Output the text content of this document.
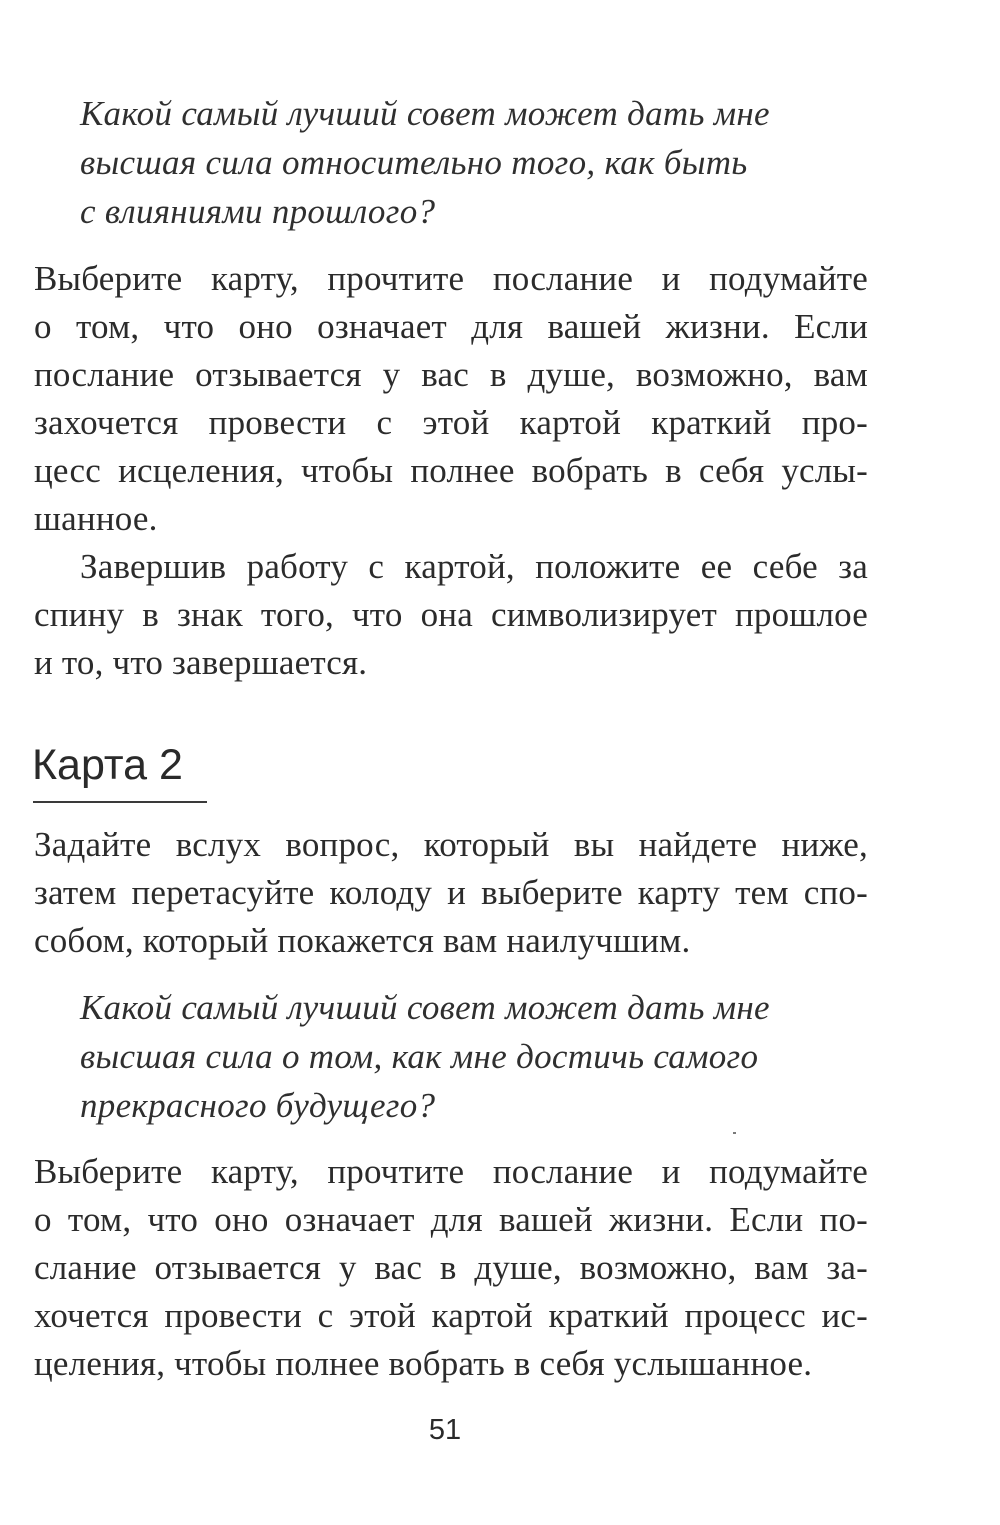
Какой самый лучший совет может дать мне
высшая сила относительно того, как быть
с влияниями прошлого?
Выберите карту, прочтите послание и подумайте
о том, что оно означает для вашей жизни. Если
послание отзывается у вас в душе, возможно, вам
захочется провести с этой картой краткий про-
цесс исцеления, чтобы полнее вобрать в себя услы-
шанное.
Завершив работу с картой, положите ее себе за
спину в знак того, что она символизирует прошлое
и то, что завершается.
Карта 2
Задайте вслух вопрос, который вы найдете ниже,
затем перетасуйте колоду и выберите карту тем спо-
собом, который покажется вам наилучшим.
Какой самый лучший совет может дать мне
высшая сила о том, как мне достичь самого
прекрасного будущего?
Выберите карту, прочтите послание и подумайте
о том, что оно означает для вашей жизни. Если по-
слание отзывается у вас в душе, возможно, вам за-
хочется провести с этой картой краткий процесс ис-
целения, чтобы полнее вобрать в себя услышанное.
51
